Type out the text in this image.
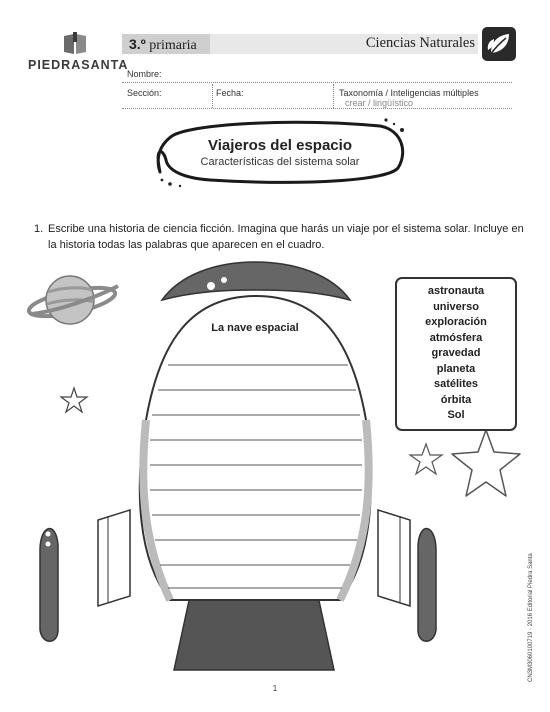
PIEDRASANTA
3.º primaria	Ciencias Naturales
Nombre:
Sección:	Fecha:	Taxonomía / Inteligencias múltiples
crear / lingüístico
Viajeros del espacio
Características del sistema solar
1. Escribe una historia de ciencia ficción. Imagina que harás un viaje por el sistema solar. Incluye en la historia todas las palabras que aparecen en el cuadro.
La nave espacial
astronauta
universo
exploración
atmósfera
gravedad
planeta
satélites
órbita
Sol
1
CN3M3060100719 · 2016 Editorial Piedra Santa
